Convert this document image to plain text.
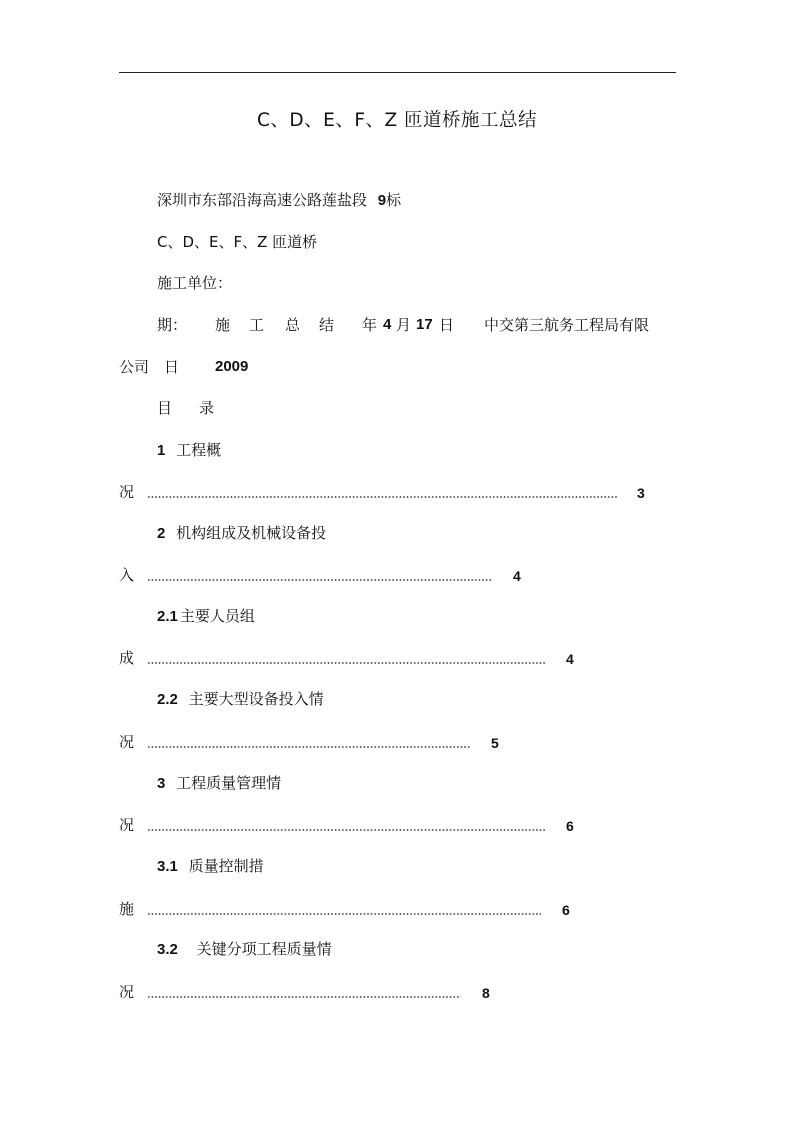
C、D、E、F、Z 匝道桥施工总结
深圳市东部沿海高速公路莲盐段 9标
C、D、E、F、Z 匝道桥
施工单位：
期： 施 工 总 结 年 4 月 17 日 中交第三航务工程局有限
公司 日 2009
目 录
1 工程概
况	3
2 机构组成及机械设备投
入	4
2.1 主要人员组
成	4
2.2 主要大型设备投入情
况	5
3 工程质量管理情
况	6
3.1 质量控制措
施	6
3.2 关键分项工程质量情
况	8
